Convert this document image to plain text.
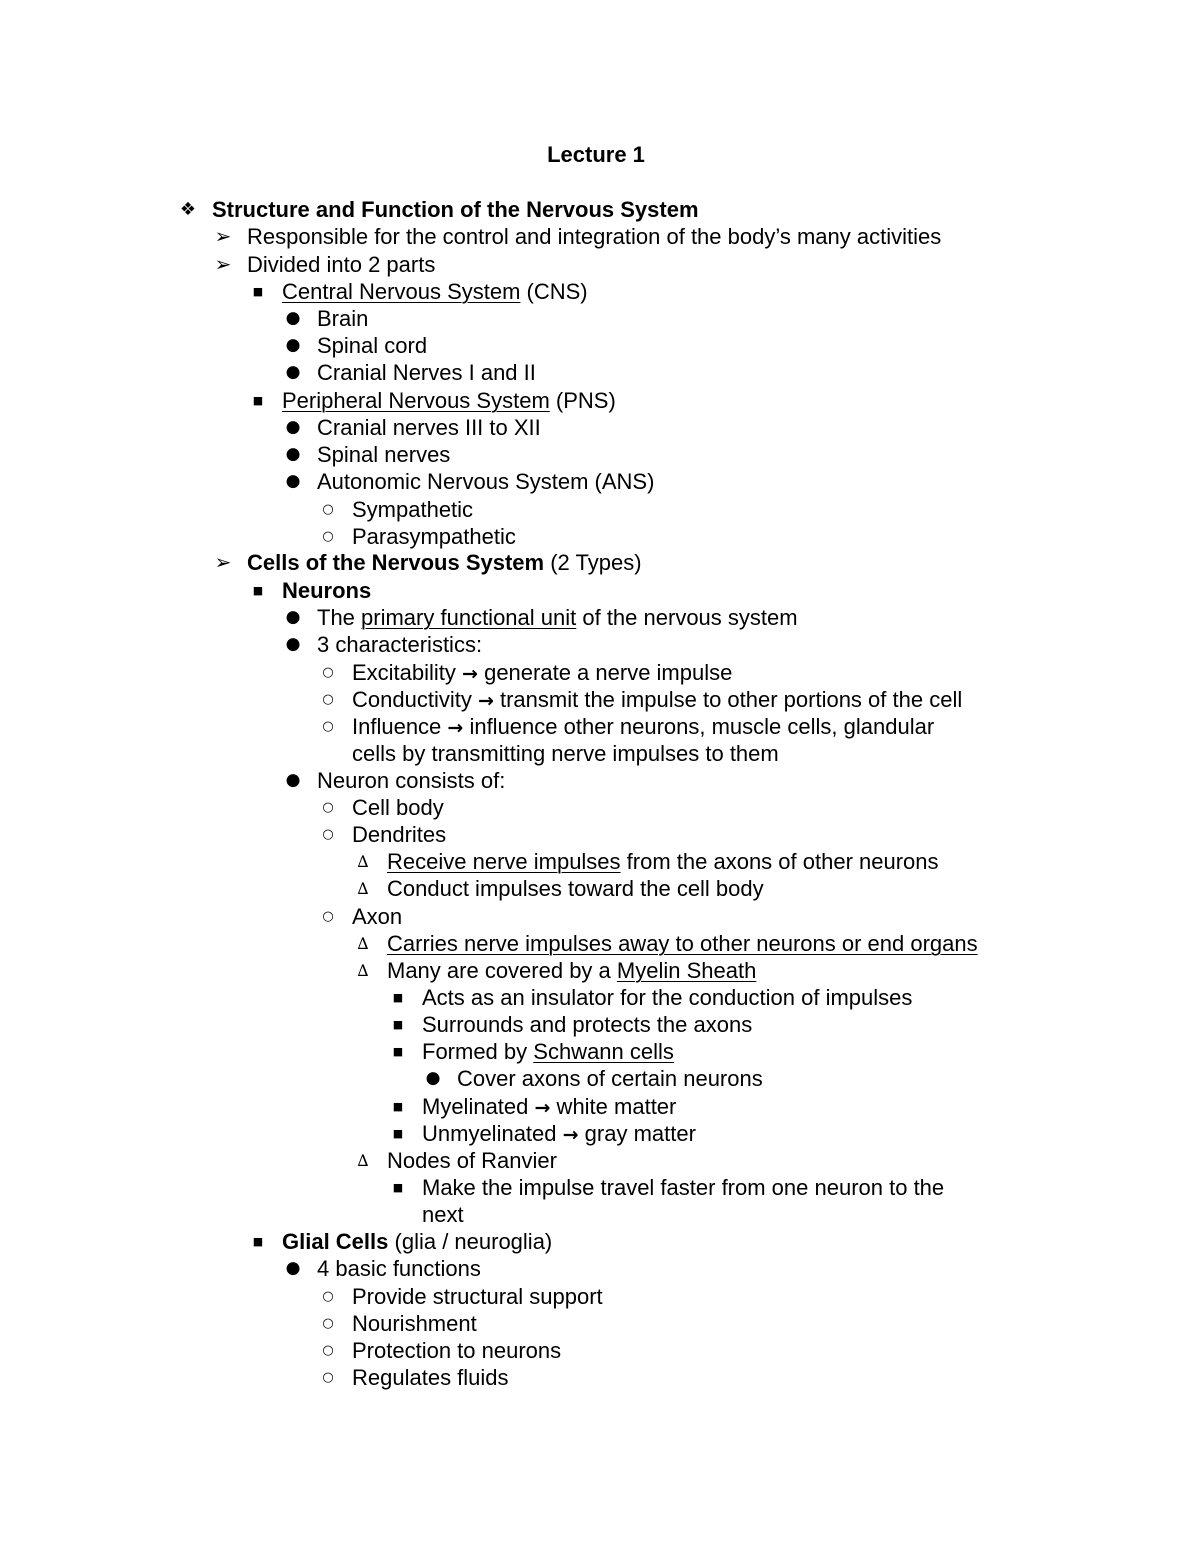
Lecture 1
❖ Structure and Function of the Nervous System
➢ Responsible for the control and integration of the body’s many activities
➢ Divided into 2 parts
■ Central Nervous System (CNS)
● Brain
● Spinal cord
● Cranial Nerves I and II
■ Peripheral Nervous System (PNS)
● Cranial nerves III to XII
● Spinal nerves
● Autonomic Nervous System (ANS)
○ Sympathetic
○ Parasympathetic
➢ Cells of the Nervous System (2 Types)
■ Neurons
● The primary functional unit of the nervous system
● 3 characteristics:
○ Excitability → generate a nerve impulse
○ Conductivity → transmit the impulse to other portions of the cell
○ Influence → influence other neurons, muscle cells, glandular
cells by transmitting nerve impulses to them
● Neuron consists of:
○ Cell body
○ Dendrites
∆ Receive nerve impulses from the axons of other neurons
∆ Conduct impulses toward the cell body
○ Axon
∆ Carries nerve impulses away to other neurons or end organs
∆ Many are covered by a Myelin Sheath
■ Acts as an insulator for the conduction of impulses
■ Surrounds and protects the axons
■ Formed by Schwann cells
● Cover axons of certain neurons
■ Myelinated → white matter
■ Unmyelinated → gray matter
∆ Nodes of Ranvier
■ Make the impulse travel faster from one neuron to the
next
■ Glial Cells (glia / neuroglia)
● 4 basic functions
○ Provide structural support
○ Nourishment
○ Protection to neurons
○ Regulates fluids
